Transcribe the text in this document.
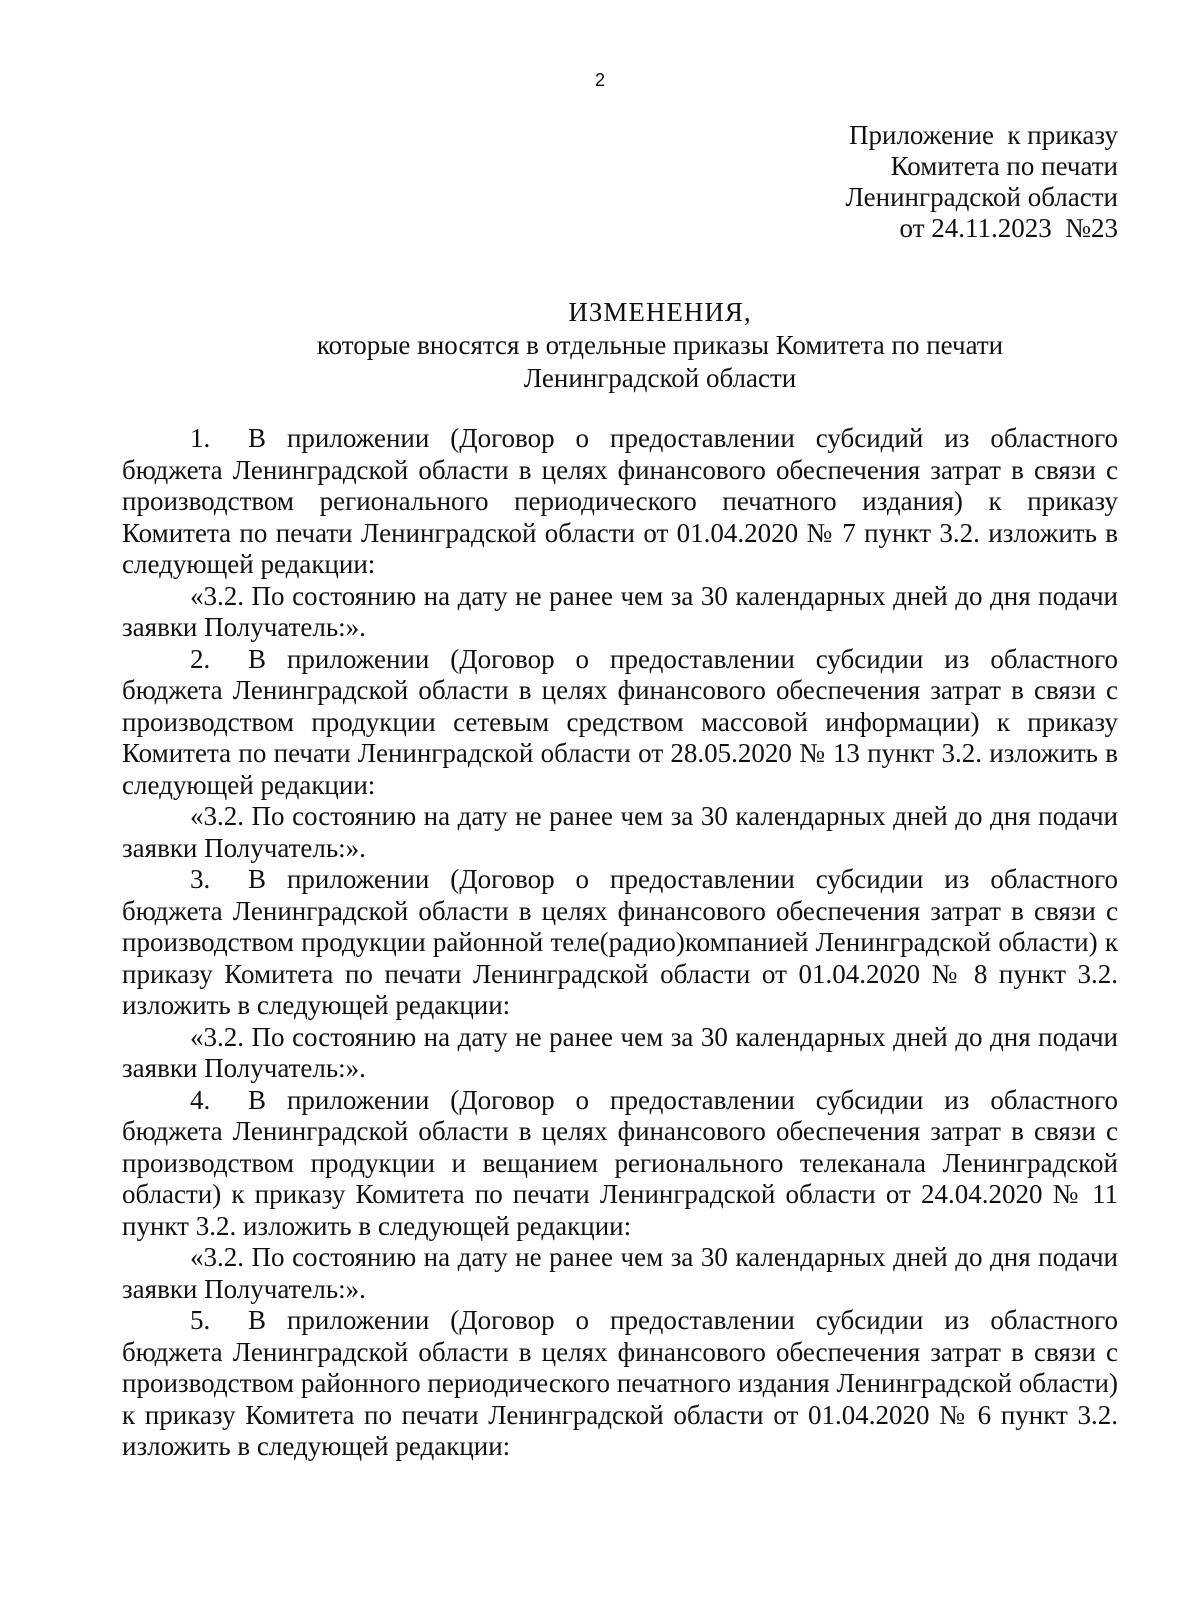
2
Приложение  к приказу
Комитета по печати
Ленинградской области
от 24.11.2023  №23
ИЗМЕНЕНИЯ,
которые вносятся в отдельные приказы Комитета по печати
Ленинградской области

1. В приложении (Договор о предоставлении субсидий из областного бюджета Ленинградской области в целях финансового обеспечения затрат в связи с производством регионального периодического печатного издания) к приказу Комитета по печати Ленинградской области от 01.04.2020 № 7 пункт 3.2. изложить в следующей редакции:

«3.2. По состоянию на дату не ранее чем за 30 календарных дней до дня подачи заявки Получатель:».

2. В приложении (Договор о предоставлении субсидии из областного бюджета Ленинградской области в целях финансового обеспечения затрат в связи с производством продукции сетевым средством массовой информации) к приказу Комитета по печати Ленинградской области от 28.05.2020 № 13 пункт 3.2. изложить в следующей редакции:

«3.2. По состоянию на дату не ранее чем за 30 календарных дней до дня подачи заявки Получатель:».

3. В приложении (Договор о предоставлении субсидии из областного бюджета Ленинградской области в целях финансового обеспечения затрат в связи с производством продукции районной теле(радио)компанией Ленинградской области) к приказу Комитета по печати Ленинградской области от 01.04.2020 № 8 пункт 3.2. изложить в следующей редакции:

«3.2. По состоянию на дату не ранее чем за 30 календарных дней до дня подачи заявки Получатель:».

4. В приложении (Договор о предоставлении субсидии из областного бюджета Ленинградской области в целях финансового обеспечения затрат в связи с производством продукции и вещанием регионального телеканала Ленинградской области) к приказу Комитета по печати Ленинградской области от 24.04.2020 № 11 пункт 3.2. изложить в следующей редакции:

«3.2. По состоянию на дату не ранее чем за 30 календарных дней до дня подачи заявки Получатель:».

5. В приложении (Договор о предоставлении субсидии из областного бюджета Ленинградской области в целях финансового обеспечения затрат в связи с производством районного периодического печатного издания Ленинградской области) к приказу Комитета по печати Ленинградской области от 01.04.2020 № 6 пункт 3.2. изложить в следующей редакции:
